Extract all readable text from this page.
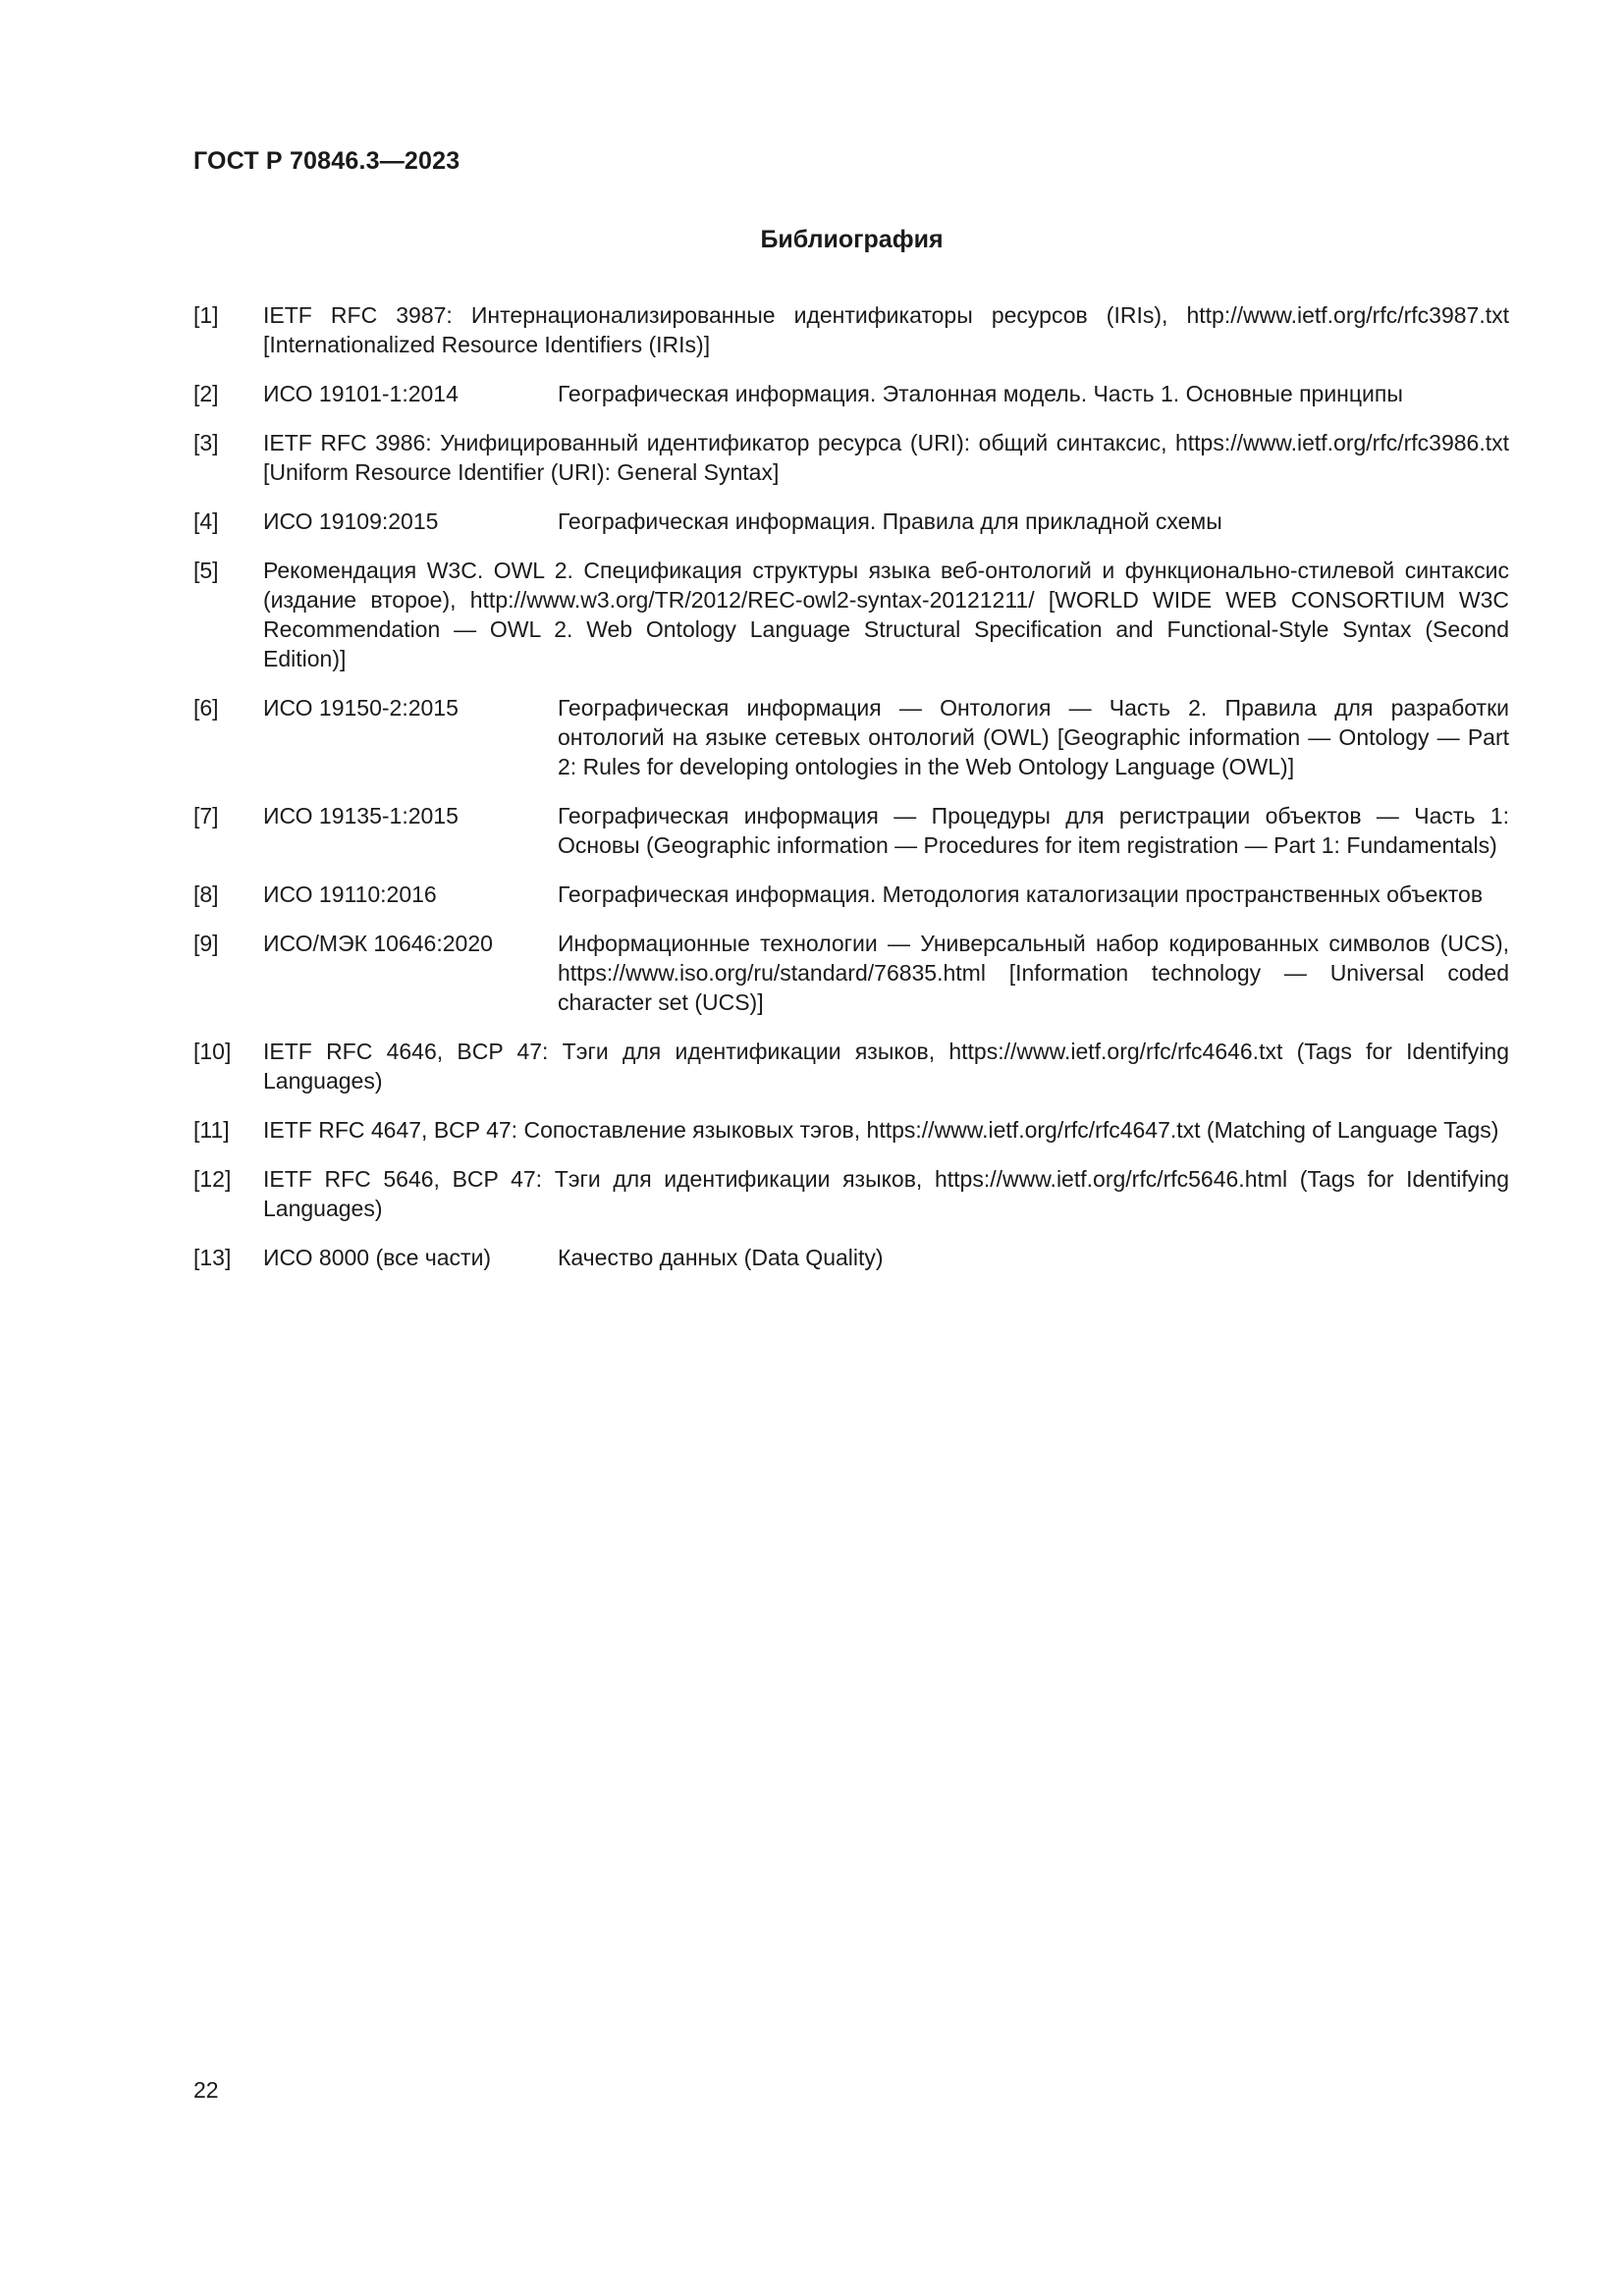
ГОСТ Р 70846.3—2023
Библиография
[1] IETF RFC 3987: Интернационализированные идентификаторы ресурсов (IRIs), http://www.ietf.org/rfc/rfc3987.txt [Internationalized Resource Identifiers (IRIs)]
[2] ИСО 19101-1:2014	Географическая информация. Эталонная модель. Часть 1. Основные принципы
[3] IETF RFC 3986: Унифицированный идентификатор ресурса (URI): общий синтаксис, https://www.ietf.org/rfc/rfc3986.txt [Uniform Resource Identifier (URI): General Syntax]
[4] ИСО 19109:2015	Географическая информация. Правила для прикладной схемы
[5] Рекомендация W3C. OWL 2. Спецификация структуры языка веб-онтологий и функционально-стилевой синтаксис (издание второе), http://www.w3.org/TR/2012/REC-owl2-syntax-20121211/ [WORLD WIDE WEB CONSORTIUM W3C Recommendation — OWL 2. Web Ontology Language Structural Specification and Functional-Style Syntax (Second Edition)]
[6] ИСО 19150-2:2015	Географическая информация — Онтология — Часть 2. Правила для разработки онтологий на языке сетевых онтологий (OWL) [Geographic information — Ontology — Part 2: Rules for developing ontologies in the Web Ontology Language (OWL)]
[7] ИСО 19135-1:2015	Географическая информация — Процедуры для регистрации объектов — Часть 1: Основы (Geographic information — Procedures for item registration — Part 1: Fundamentals)
[8] ИСО 19110:2016	Географическая информация. Методология каталогизации пространственных объектов
[9] ИСО/МЭК 10646:2020	Информационные технологии — Универсальный набор кодированных символов (UCS), https://www.iso.org/ru/standard/76835.html [Information technology — Universal coded character set (UCS)]
[10] IETF RFC 4646, BCP 47: Тэги для идентификации языков, https://www.ietf.org/rfc/rfc4646.txt (Tags for Identifying Languages)
[11] IETF RFC 4647, BCP 47: Сопоставление языковых тэгов, https://www.ietf.org/rfc/rfc4647.txt (Matching of Language Tags)
[12] IETF RFC 5646, BCP 47: Тэги для идентификации языков, https://www.ietf.org/rfc/rfc5646.html (Tags for Identifying Languages)
[13] ИСО 8000 (все части)	Качество данных (Data Quality)
22
